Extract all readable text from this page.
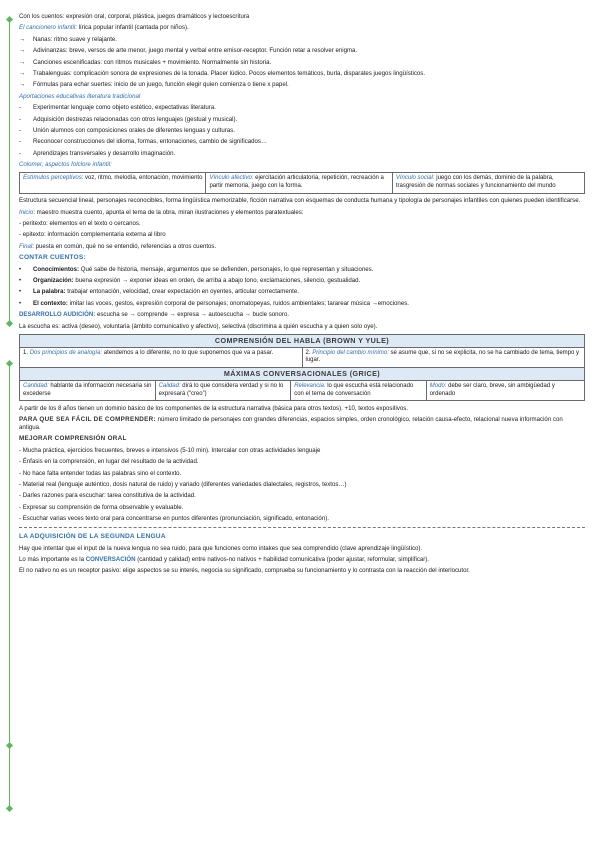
Con los cuentos: expresión oral, corporal, plástica, juegos dramáticos y lectoescritura
El cancionero infantil: lírica popular infantil (cantada por niños).
→	Nanas: ritmo suave y relajante.
→	Adivinanzas: breve, versos de arte menor, juego mental y verbal entre emisor-receptor. Función retar a resolver enigma.
→	Canciones escenificadas: con ritmos musicales + movimiento. Normalmente sin historia.
→	Trabalenguas: complicación sonora de expresiones de la tonada. Placer lúdico. Pocos elementos temáticos, burla, disparates juegos lingüísticos.
→	Fórmulas para echar suertes: inicio de un juego, función elegir quien comienza o tiene x papel.
Aportaciones educativas literatura tradicional
-	Experimentar lenguaje como objeto estético, expectativas literatura.
-	Adquisición destrezas relacionadas con otros lenguajes (gestual y musical).
-	Unión alumnos con composiciones orales de diferentes lenguas y culturas.
-	Reconocer construcciones del idioma, formas, entonaciones, cambio de significados…
-	Aprendizajes transversales y desarrollo imaginación.
Colomer, aspectos folclore infantil:
Estímulos perceptivos: voz, ritmo, melodía, entonación, movimiento	Vínculo afectivo: ejercitación articulatoria, repetición, recreación a partir memoria, juego con la forma.	Vínculo social: juego con los demás, dominio de la palabra, trasgresión de normas sociales y funcionamiento del mundo
Estructura secuencial lineal, personajes reconocibles, forma lingüística memorizable, ficción narrativa con esquemas de conducta humana y tipología de personajes infantiles con quienes pueden identificarse.
Inicio: maestro muestra cuento, apunta el tema de la obra, miran ilustraciones y elementos paratextuales:
- peritexto: elementos en el texto o cercanos.
- epitexto: información complementaria externa al libro
Final: puesta en común, qué no se entendió, referencias a otros cuentos.
CONTAR CUENTOS:
•	Conocimientos: Qué sabe de historia, mensaje, argumentos que se defienden, personajes, lo que representan y situaciones.
•	Organización: buena expresión → exponer ideas en orden, de arriba a abajo tono, exclamaciones, silencio, gestualidad.
•	La palabra: trabajar entonación, velocidad, crear expectación en oyentes, articular correctamente.
•	El contexto: imitar las voces, gestos, expresión corporal de personajes; onomatopeyas, ruidos ambientales; tararear música →emociones.
DESARROLLO AUDICIÓN: escucha se → comprende → expresa → autoescucha → bucle sonoro.
La escucha es: activa (deseo), voluntaria (ámbito comunicativo y afectivo), selectiva (discrimina a quién escucha y a quien solo oye).
COMPRENSIÓN DEL HABLA (BROWN Y YULE)
1. Dos principios de analogía: atendemos a lo diferente, no lo que suponemos que va a pasar.	2. Principio del cambio mínimo: se asume que, si no se explicita, no se ha cambiado de tema, tiempo y lugar.
MÁXIMAS CONVERSACIONALES (GRICE)
Cantidad: hablante da información necesaria sin excederse	Calidad: dirá lo que considera verdad y si no lo expresará (“creo”)	Relevancia: lo que escucha está relacionado con el tema de conversación	Modo: debe ser claro, breve, sin ambigüedad y ordenado
A partir de los 8 años tienen un dominio básico de los componentes de la estructura narrativa (básica para otros textos). +10, textos expositivos.
PARA QUE SEA FÁCIL DE COMPRENDER: número limitado de personajes con grandes diferencias, espacios simples, orden cronológico, relación causa-efecto, relacional nueva información con antigua.
MEJORAR COMPRENSIÓN ORAL
- Mucha práctica, ejercicios frecuentes, breves e intensivos (5-10 min). Intercalar con otras actividades lenguaje
- Énfasis en la comprensión, en lugar del resultado de la actividad.
- No hace falta entender todas las palabras sino el contexto.
- Material real (lenguaje auténtico, dosis natural de ruido) y variado (diferentes variedades dialectales, registros, textos…)
- Darles razones para escuchar: tarea constitutiva de la actividad.
- Expresar su comprensión de forma observable y evaluable.
- Escuchar varias veces texto oral para concentrarse en puntos diferentes (pronunciación, significado, entonación).
LA ADQUISICIÓN DE LA SEGUNDA LENGUA
Hay que intentar que el input de la nueva lengua no sea ruido, para que funciones como intakes que sea comprendido (clave aprendizaje lingüístico).
Lo más importante es la CONVERSACIÓN (cantidad y calidad) entre nativos-no nativos + habilidad comunicativa (poder ajustar, reformular, simplificar).
El no nativo no es un receptor pasivo: elige aspectos se su interés, negocia su significado, comprueba su funcionamiento y lo contrasta con la reacción del interlocutor.
